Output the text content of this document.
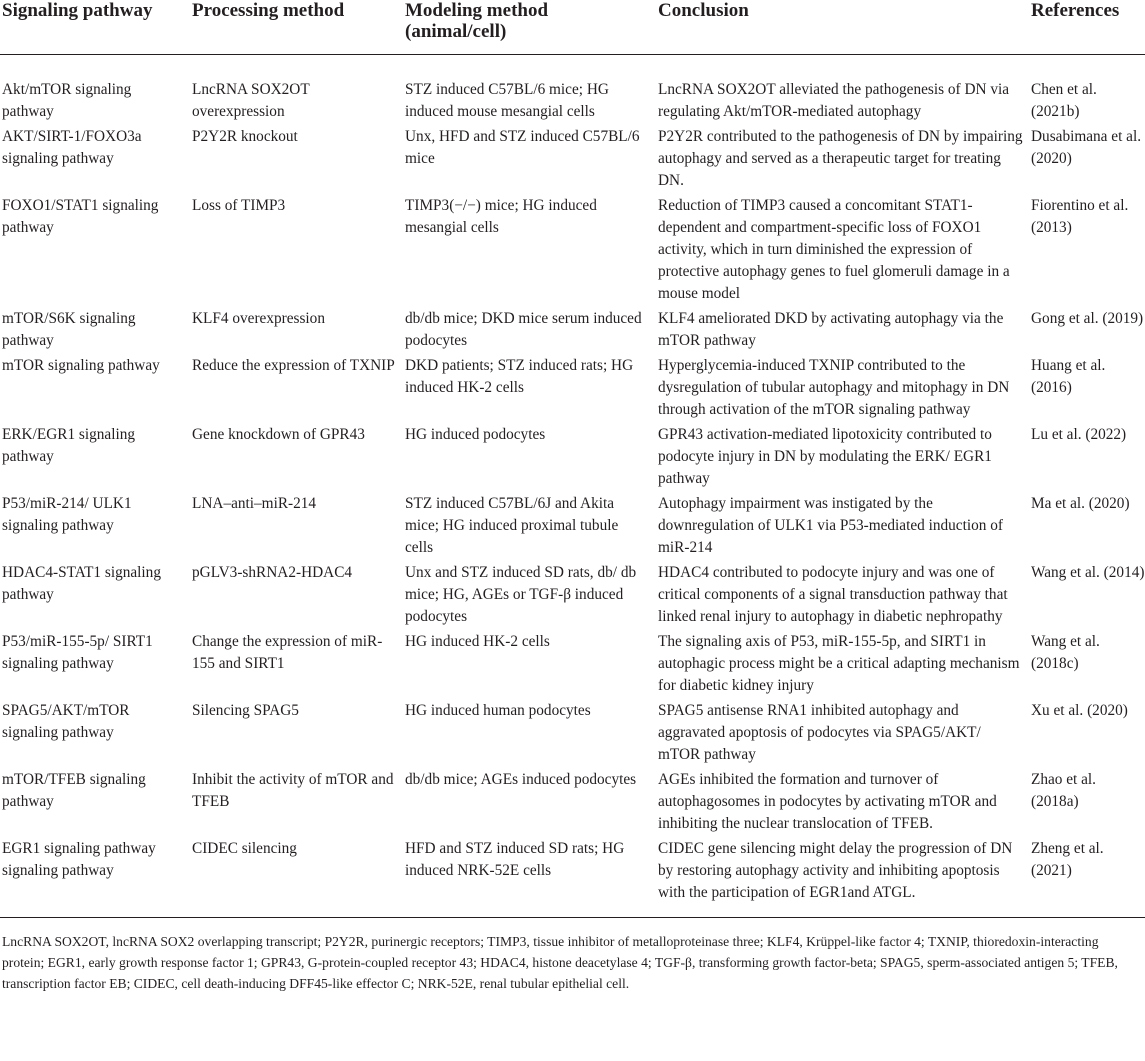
Signaling pathway	Processing method	Modeling method (animal/cell)	Conclusion	References
Akt/mTOR signaling pathway	LncRNA SOX2OT overexpression	STZ induced C57BL/6 mice; HG induced mouse mesangial cells	LncRNA SOX2OT alleviated the pathogenesis of DN via regulating Akt/mTOR-mediated autophagy	Chen et al. (2021b)
AKT/SIRT-1/FOXO3a signaling pathway	P2Y2R knockout	Unx, HFD and STZ induced C57BL/6 mice	P2Y2R contributed to the pathogenesis of DN by impairing autophagy and served as a therapeutic target for treating DN.	Dusabimana et al. (2020)
FOXO1/STAT1 signaling pathway	Loss of TIMP3	TIMP3(−/−) mice; HG induced mesangial cells	Reduction of TIMP3 caused a concomitant STAT1-dependent and compartment-specific loss of FOXO1 activity, which in turn diminished the expression of protective autophagy genes to fuel glomeruli damage in a mouse model	Fiorentino et al. (2013)
mTOR/S6K signaling pathway	KLF4 overexpression	db/db mice; DKD mice serum induced podocytes	KLF4 ameliorated DKD by activating autophagy via the mTOR pathway	Gong et al. (2019)
mTOR signaling pathway	Reduce the expression of TXNIP	DKD patients; STZ induced rats; HG induced HK-2 cells	Hyperglycemia-induced TXNIP contributed to the dysregulation of tubular autophagy and mitophagy in DN through activation of the mTOR signaling pathway	Huang et al. (2016)
ERK/EGR1 signaling pathway	Gene knockdown of GPR43	HG induced podocytes	GPR43 activation-mediated lipotoxicity contributed to podocyte injury in DN by modulating the ERK/ EGR1 pathway	Lu et al. (2022)
P53/miR-214/ ULK1 signaling pathway	LNA–anti–miR-214	STZ induced C57BL/6J and Akita mice; HG induced proximal tubule cells	Autophagy impairment was instigated by the downregulation of ULK1 via P53-mediated induction of miR-214	Ma et al. (2020)
HDAC4-STAT1 signaling pathway	pGLV3-shRNA2-HDAC4	Unx and STZ induced SD rats, db/ db mice; HG, AGEs or TGF-β induced podocytes	HDAC4 contributed to podocyte injury and was one of critical components of a signal transduction pathway that linked renal injury to autophagy in diabetic nephropathy	Wang et al. (2014)
P53/miR-155-5p/ SIRT1 signaling pathway	Change the expression of miR-155 and SIRT1	HG induced HK-2 cells	The signaling axis of P53, miR-155-5p, and SIRT1 in autophagic process might be a critical adapting mechanism for diabetic kidney injury	Wang et al. (2018c)
SPAG5/AKT/mTOR signaling pathway	Silencing SPAG5	HG induced human podocytes	SPAG5 antisense RNA1 inhibited autophagy and aggravated apoptosis of podocytes via SPAG5/AKT/ mTOR pathway	Xu et al. (2020)
mTOR/TFEB signaling pathway	Inhibit the activity of mTOR and TFEB	db/db mice; AGEs induced podocytes	AGEs inhibited the formation and turnover of autophagosomes in podocytes by activating mTOR and inhibiting the nuclear translocation of TFEB.	Zhao et al. (2018a)
EGR1 signaling pathway signaling pathway	CIDEC silencing	HFD and STZ induced SD rats; HG induced NRK-52E cells	CIDEC gene silencing might delay the progression of DN by restoring autophagy activity and inhibiting apoptosis with the participation of EGR1and ATGL.	Zheng et al. (2021)
LncRNA SOX2OT, lncRNA SOX2 overlapping transcript; P2Y2R, purinergic receptors; TIMP3, tissue inhibitor of metalloproteinase three; KLF4, Krüppel-like factor 4; TXNIP, thioredoxin-interacting protein; EGR1, early growth response factor 1; GPR43, G-protein-coupled receptor 43; HDAC4, histone deacetylase 4; TGF-β, transforming growth factor-beta; SPAG5, sperm-associated antigen 5; TFEB, transcription factor EB; CIDEC, cell death-inducing DFF45-like effector C; NRK-52E, renal tubular epithelial cell.
